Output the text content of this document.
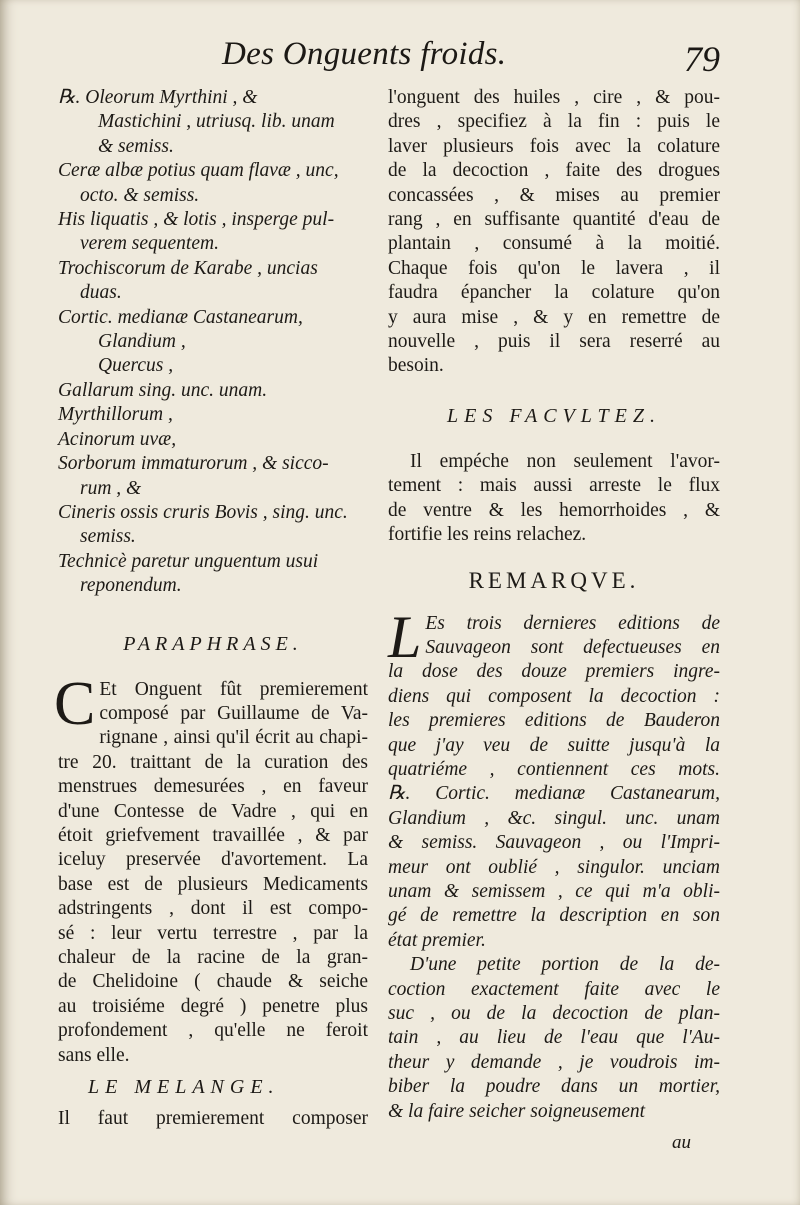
Des Onguents froids.	79
℞. Oleorum Myrthini , &
Mastichini , utriusq. lib. unam
& semiss.
Ceræ albæ potius quam flavæ , unc,
octo. & semiss.
His liquatis , & lotis , insperge pul-
verem sequentem.
Trochiscorum de Karabe , uncias
duas.
Cortic. medianæ Castanearum,
Glandium ,
Quercus ,
Gallarum sing. unc. unam.
Myrthillorum ,
Acinorum uvæ,
Sorborum immaturorum , & sicco-
rum , &
Cineris ossis cruris Bovis , sing. unc.
semiss.
Technicè paretur unguentum usui
reponendum.
PARAPHRASE.
C Et Onguent fût premierement
composé par Guillaume de Va-
rignane , ainsi qu'il écrit au chapi-
tre 20. traittant de la curation des
menstrues demesurées , en faveur
d'une Contesse de Vadre , qui en
étoit griefvement travaillée , & par
iceluy preservée d'avortement. La
base est de plusieurs Medicaments
adstringents , dont il est compo-
sé : leur vertu terrestre , par la
chaleur de la racine de la gran-
de Chelidoine ( chaude & seiche
au troisiéme degré ) penetre plus
profondement , qu'elle ne feroit
sans elle.
LE MELANGE.
Il faut premierement composer
l'onguent des huiles , cire , & pou-
dres , specifiez à la fin : puis le
laver plusieurs fois avec la colature
de la decoction , faite des drogues
concassées , & mises au premier
rang , en suffisante quantité d'eau de
plantain , consumé à la moitié.
Chaque fois qu'on le lavera , il
faudra épancher la colature qu'on
y aura mise , & y en remettre de
nouvelle , puis il sera reserré au
besoin.
LES FACVLTEZ.
Il empéche non seulement l'avor-
tement : mais aussi arreste le flux
de ventre & les hemorrhoides , &
fortifie les reins relachez.
REMARQVE.
L Es trois dernieres editions de
Sauvageon sont defectueuses en
la dose des douze premiers ingre-
diens qui composent la decoction :
les premieres editions de Bauderon
que j'ay veu de suitte jusqu'à la
quatriéme , contiennent ces mots.
℞. Cortic. medianæ Castanearum,
Glandium , &c. singul. unc. unam
& semiss. Sauvageon , ou l'Impri-
meur ont oublié , singulor. unciam
unam & semissem , ce qui m'a obli-
gé de remettre la description en son
état premier.
D'une petite portion de la de-
coction exactement faite avec le
suc , ou de la decoction de plan-
tain , au lieu de l'eau que l'Au-
theur y demande , je voudrois im-
biber la poudre dans un mortier,
& la faire seicher soigneusement
au
